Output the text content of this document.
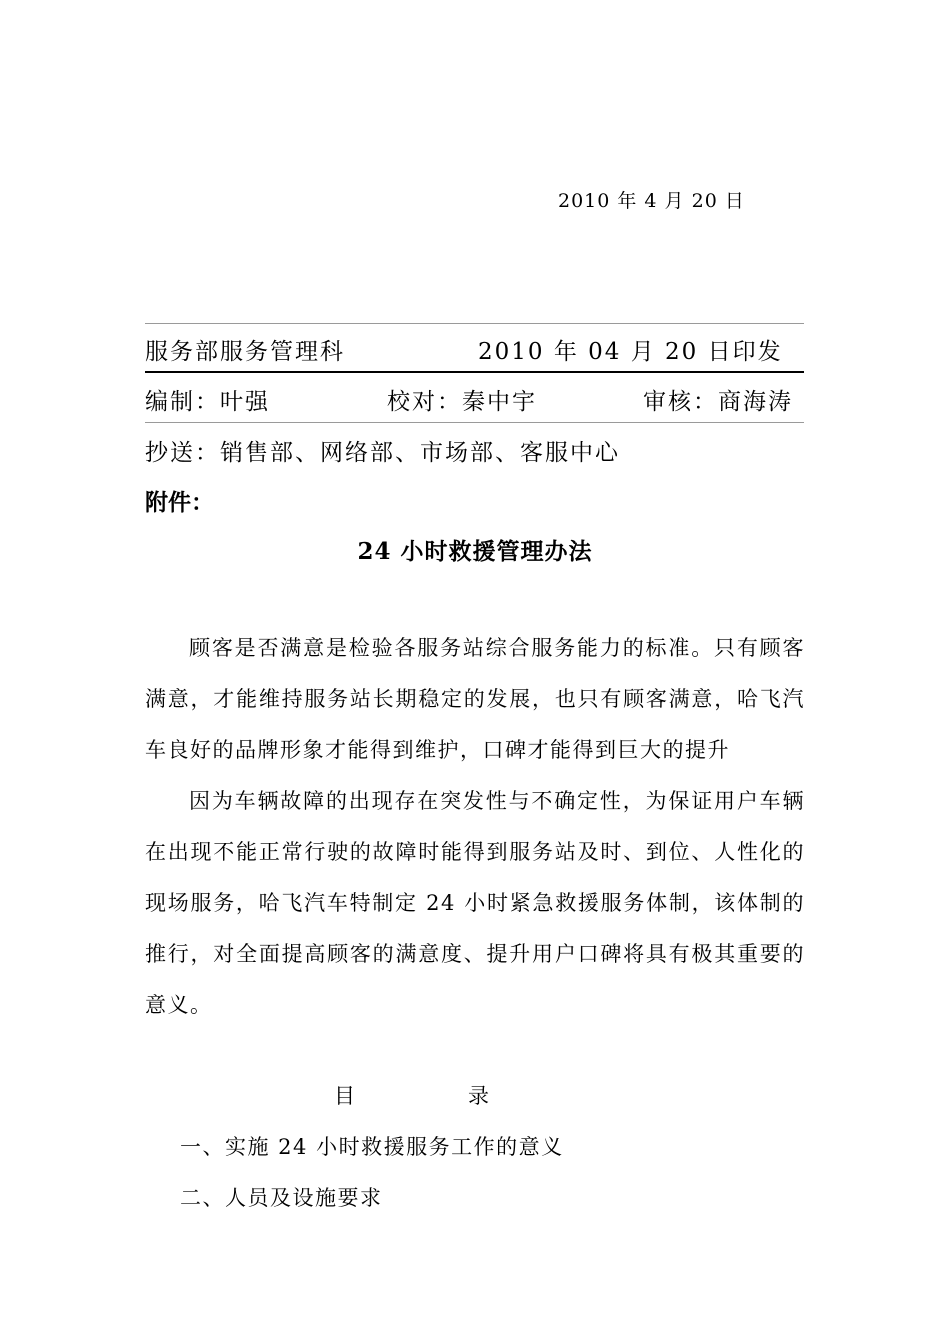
2010 年 4 月 20 日
服务部服务管理科	2010 年 04 月 20 日印发
编制：叶强	校对：秦中宇	审核：商海涛
抄送：销售部、网络部、市场部、客服中心
附件：
24 小时救援管理办法

顾客是否满意是检验各服务站综合服务能力的标准。只有顾客满意，才能维持服务站长期稳定的发展，也只有顾客满意，哈飞汽车良好的品牌形象才能得到维护，口碑才能得到巨大的提升

因为车辆故障的出现存在突发性与不确定性，为保证用户车辆在出现不能正常行驶的故障时能得到服务站及时、到位、人性化的现场服务，哈飞汽车特制定 24 小时紧急救援服务体制，该体制的推行，对全面提高顾客的满意度、提升用户口碑将具有极其重要的意义。

目	录
一、实施 24 小时救援服务工作的意义
二、人员及设施要求
